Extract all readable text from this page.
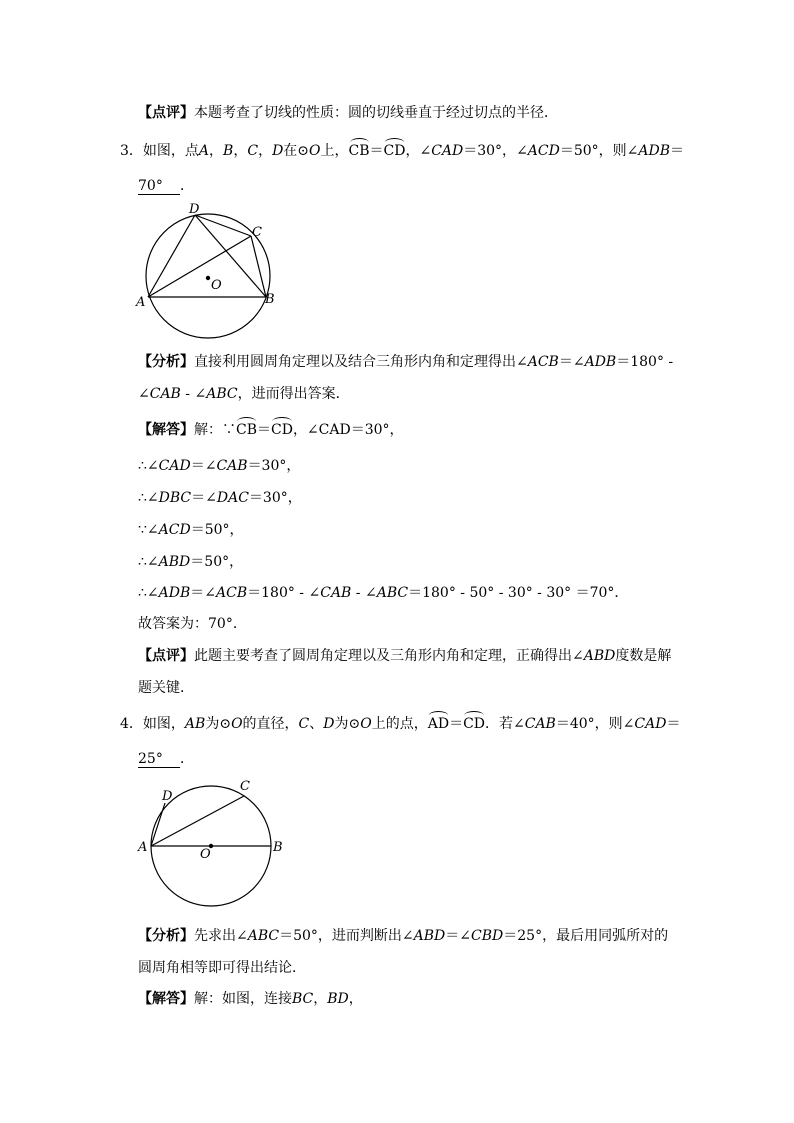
【点评】本题考查了切线的性质：圆的切线垂直于经过切点的半径．
3．如图，点A，B，C，D在⊙O上，CB＝CD，∠CAD＝30°，∠ACD＝50°，则∠ADB＝
70° ．
D
C
O
A	B
【分析】直接利用圆周角定理以及结合三角形内角和定理得出∠ACB＝∠ADB＝180° -
∠CAB - ∠ABC，进而得出答案．
【解答】解：∵CB＝CD，∠CAD＝30°，
∴∠CAD＝∠CAB＝30°，
∴∠DBC＝∠DAC＝30°，
∵∠ACD＝50°，
∴∠ABD＝50°，
∴∠ADB＝∠ACB＝180° - ∠CAB - ∠ABC＝180° - 50° - 30° - 30° ＝70°．
故答案为：70°．
【点评】此题主要考查了圆周角定理以及三角形内角和定理，正确得出∠ABD度数是解
题关键．
4．如图，AB为⊙O的直径，C、D为⊙O上的点，AD＝CD．若∠CAB＝40°，则∠CAD＝
25° ．
D
C
O
A	B
【分析】先求出∠ABC＝50°，进而判断出∠ABD＝∠CBD＝25°，最后用同弧所对的
圆周角相等即可得出结论．
【解答】解：如图，连接BC，BD，
